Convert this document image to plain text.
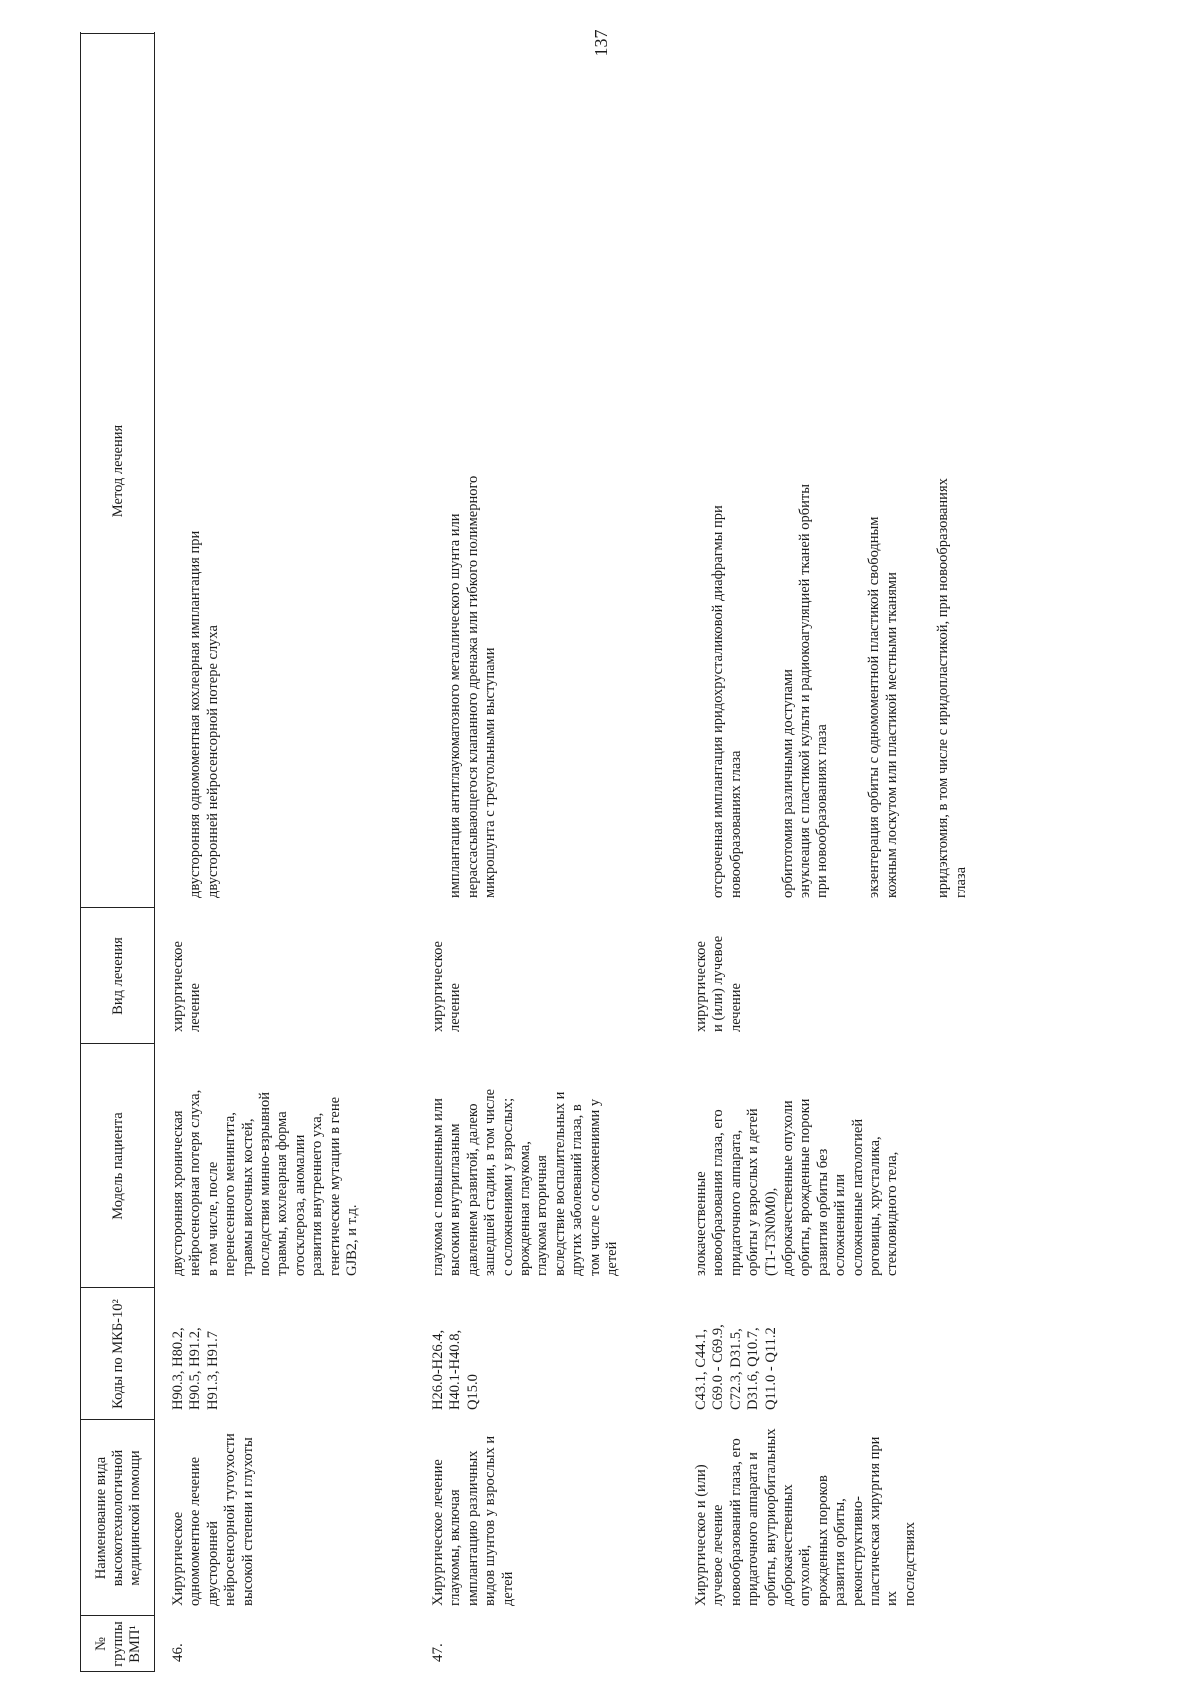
137
№
группы
ВМП¹
Наименование вида
высокотехнологичной
медицинской помощи
Модель пациента
Коды по МКБ-10²
Вид лечения
Метод лечения
46.
Хирургическое
одномоментное лечение
двусторонней
нейросенсорной тугоухости
высокой степени и глухоты
H90.3, H80.2,
H90.5, H91.2,
H91.3, H91.7
двусторонняя хроническая
нейросенсорная потеря слуха,
в том числе, после
перенесенного менингита,
травмы височных костей,
последствия минно-взрывной
травмы, кохлеарная форма
отосклероза, аномалии
развития внутреннего уха,
генетические мутации в гене
GJB2, и т.д.
хирургическое
лечение

двусторонняя одномоментная кохлеарная имплантация при
двусторонней нейросенсорной потере слуха

47.
Хирургическое лечение
глаукомы, включая
имплантацию различных
видов шунтов у взрослых и
детей
H26.0-H26.4,
H40.1-H40.8,
Q15.0
глаукома с повышенным или
высоким внутриглазным
давлением развитой, далеко
зашедшей стадии, в том числе
с осложнениями у взрослых;
врожденная глаукома,
глаукома вторичная
вследствие воспалительных и
других заболеваний глаза, в
том числе с осложнениями у
детей
хирургическое
лечение

имплантация антиглаукоматозного металлического шунта или
нерассасывающегося клапанного дренажа или гибкого полимерного
микрошунта с треугольными выступами

Хирургическое и (или)
лучевое лечение
новообразований глаза, его
придаточного аппарата и
орбиты, внутриорбитальных
доброкачественных опухолей,
врожденных пороков
развития орбиты,
реконструктивно-
пластическая хирургия при их
последствиях
C43.1, C44.1,
C69.0 - C69.9,
C72.3, D31.5,
D31.6, Q10.7,
Q11.0 - Q11.2
злокачественные
новообразования глаза, его
придаточного аппарата,
орбиты у взрослых и детей
(T1-T3N0M0),
доброкачественные опухоли
орбиты, врожденные пороки
развития орбиты без
осложнений или
осложненные патологией
роговицы, хрусталика,
стекловидного тела,
хирургическое
и (или) лучевое
лечение

отсроченная имплантация иридохрусталиковой диафрагмы при
новообразованиях глаза

орбитотомия различными доступами
энуклеация с пластикой культи и радиокоагуляцией тканей орбиты
при новообразованиях глаза

экзентерация орбиты с одномоментной пластикой свободным
кожным лоскутом или пластикой местными тканями

иридэктомия, в том числе с иридопластикой, при новообразованиях
глаза
